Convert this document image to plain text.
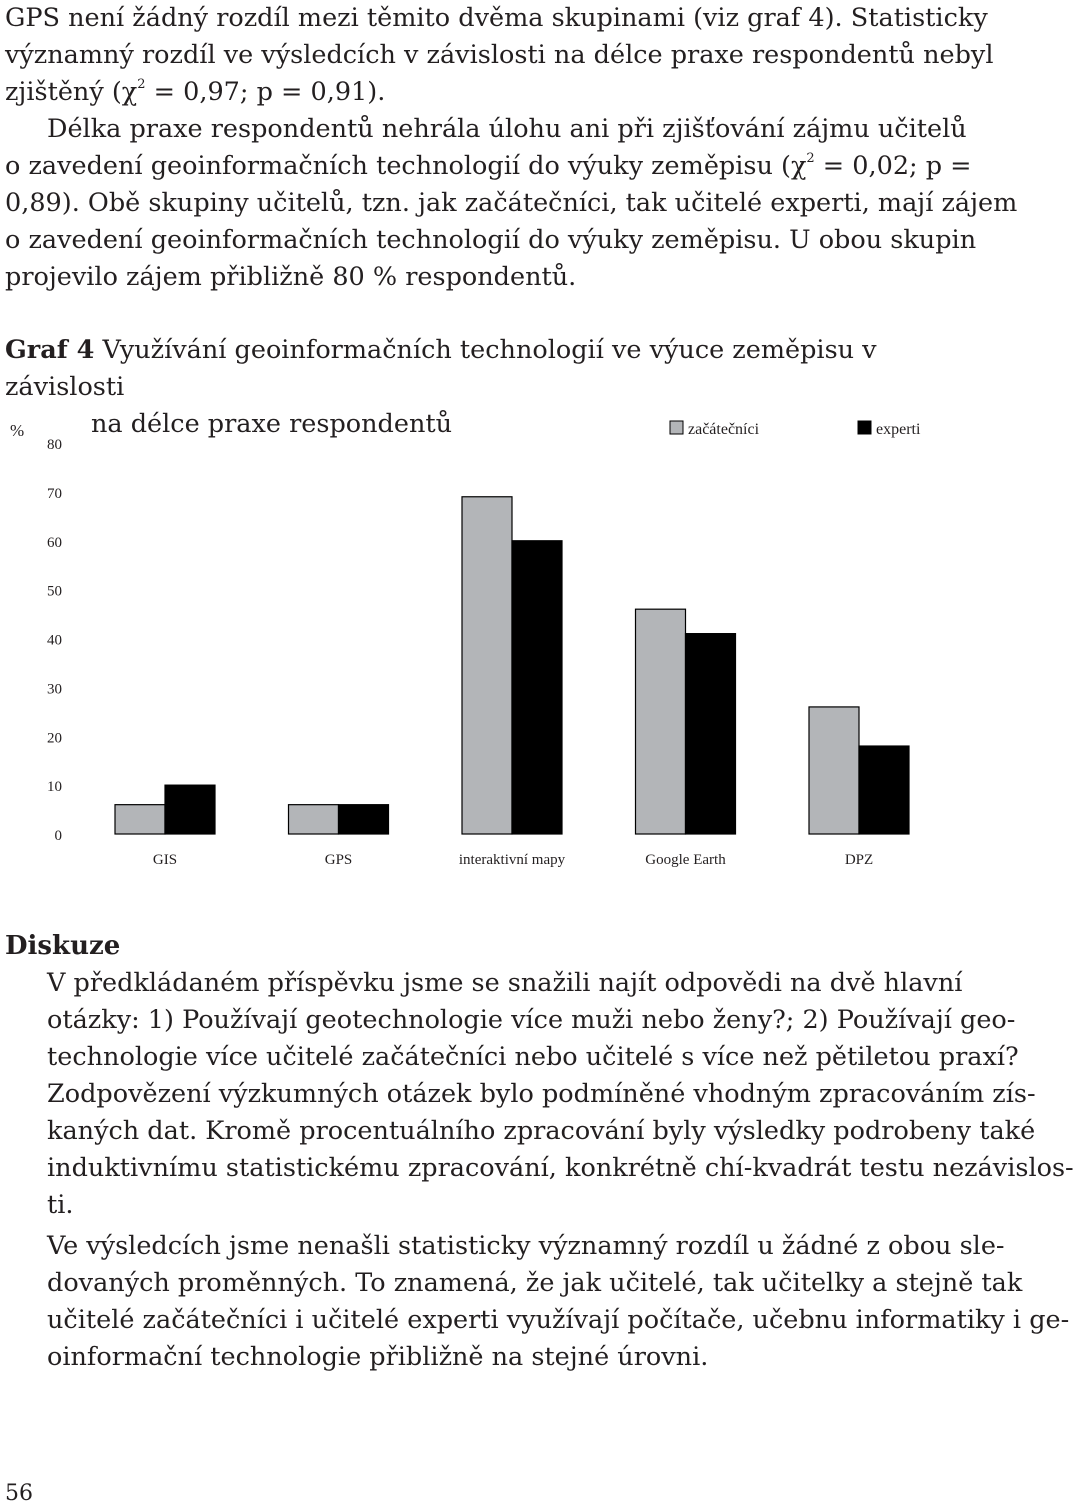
GPS není žádný rozdíl mezi těmito dvěma skupinami (viz graf 4). Statisticky
významný rozdíl ve výsledcích v závislosti na délce praxe respondentů nebyl
zjištěný ($\chi^2 = 0,97$; p = 0,91).
Délka praxe respondentů nehrála úlohu ani při zjišťování zájmu učitelů
o zavedení geoinformačních technologií do výuky zeměpisu ($\chi^2 = 0,02$; p =
0,89). Obě skupiny učitelů, tzn. jak začátečníci, tak učitelé experti, mají zájem
o zavedení geoinformačních technologií do výuky zeměpisu. U obou skupin
projevilo zájem přibližně 80 % respondentů.
Graf 4 Využívání geoinformačních technologií ve výuce zeměpisu v závislosti
na délce praxe respondentů
%
0
10
20
30
40
50
60
70
80
GIS	GPS	interaktivní mapy	Google Earth	DPZ
začátečníci	experti
Diskuze
V předkládaném příspěvku jsme se snažili najít odpovědi na dvě hlavní
otázky: 1) Používají geotechnologie více muži nebo ženy?; 2) Používají geo-
technologie více učitelé začátečníci nebo učitelé s více než pětiletou praxí?
Zodpovězení výzkumných otázek bylo podmíněné vhodným zpracováním zís-
kaných dat. Kromě procentuálního zpracování byly výsledky podrobeny také
induktivnímu statistickému zpracování, konkrétně chí-kvadrát testu nezávislos-
ti.
Ve výsledcích jsme nenašli statisticky významný rozdíl u žádné z obou sle-
dovaných proměnných. To znamená, že jak učitelé, tak učitelky a stejně tak
učitelé začátečníci i učitelé experti využívají počítače, učebnu informatiky i ge-
oinformační technologie přibližně na stejné úrovni.
56
